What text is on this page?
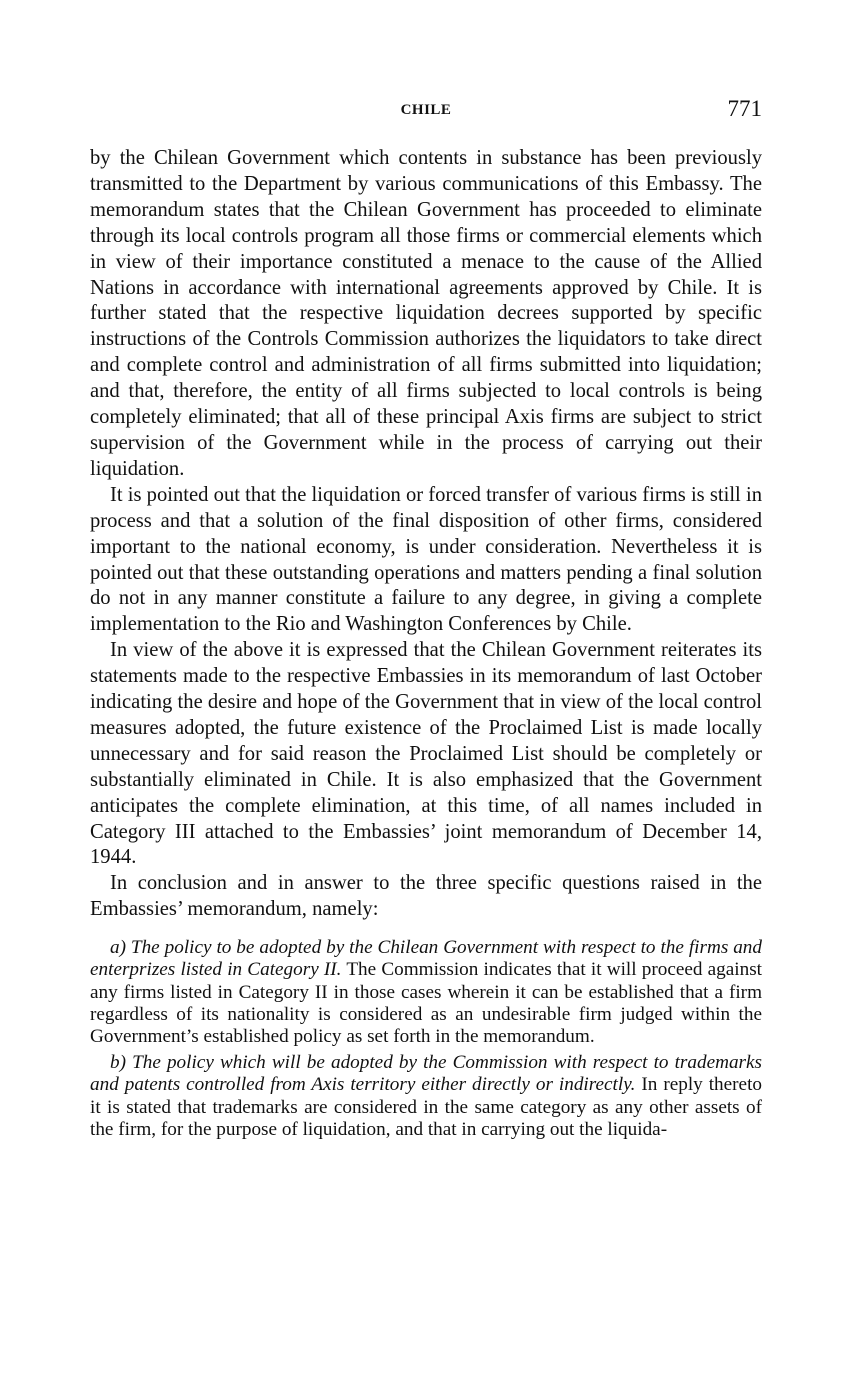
CHILE	771

by the Chilean Government which contents in substance has been previously transmitted to the Department by various communications of this Embassy. The memorandum states that the Chilean Government has proceeded to eliminate through its local controls program all those firms or commercial elements which in view of their importance constituted a menace to the cause of the Allied Nations in accordance with international agreements approved by Chile. It is further stated that the respective liquidation decrees supported by specific instructions of the Controls Commission authorizes the liquidators to take direct and complete control and administration of all firms submitted into liquidation; and that, therefore, the entity of all firms subjected to local controls is being completely eliminated; that all of these principal Axis firms are subject to strict supervision of the Government while in the process of carrying out their liquidation.

It is pointed out that the liquidation or forced transfer of various firms is still in process and that a solution of the final disposition of other firms, considered important to the national economy, is under consideration. Nevertheless it is pointed out that these outstanding operations and matters pending a final solution do not in any manner constitute a failure to any degree, in giving a complete implementation to the Rio and Washington Conferences by Chile.

In view of the above it is expressed that the Chilean Government reiterates its statements made to the respective Embassies in its memorandum of last October indicating the desire and hope of the Government that in view of the local control measures adopted, the future existence of the Proclaimed List is made locally unnecessary and for said reason the Proclaimed List should be completely or substantially eliminated in Chile. It is also emphasized that the Government anticipates the complete elimination, at this time, of all names included in Category III attached to the Embassies’ joint memorandum of December 14, 1944.

In conclusion and in answer to the three specific questions raised in the Embassies’ memorandum, namely:

a) The policy to be adopted by the Chilean Government with respect to the firms and enterprizes listed in Category II. The Commission indicates that it will proceed against any firms listed in Category II in those cases wherein it can be established that a firm regardless of its nationality is considered as an undesirable firm judged within the Government’s established policy as set forth in the memorandum.

b) The policy which will be adopted by the Commission with respect to trademarks and patents controlled from Axis territory either directly or indirectly. In reply thereto it is stated that trademarks are considered in the same category as any other assets of the firm, for the purpose of liquidation, and that in carrying out the liquida-
